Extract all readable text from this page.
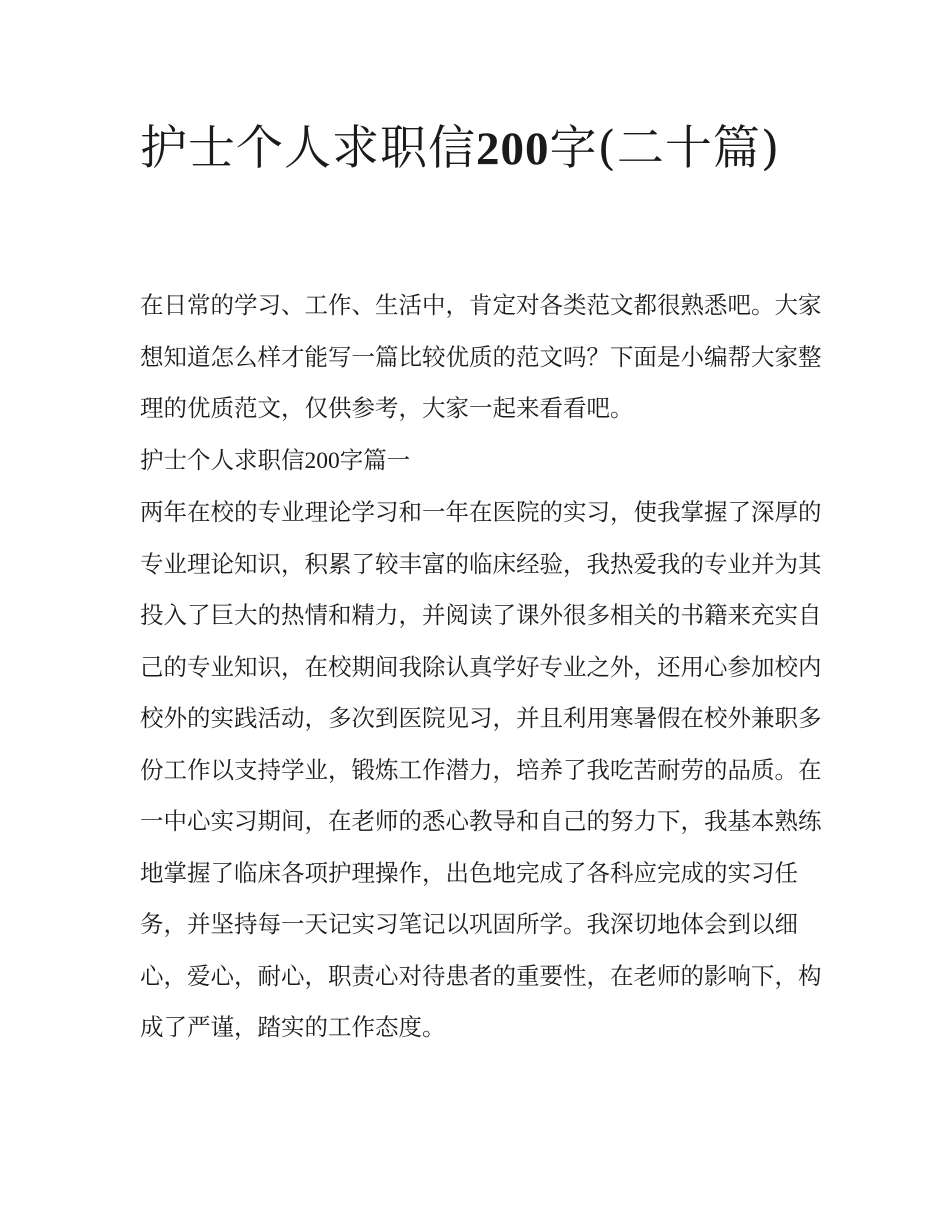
护士个人求职信200字(二十篇)

在日常的学习、工作、生活中，肯定对各类范文都很熟悉吧。大家想知道怎么样才能写一篇比较优质的范文吗？下面是小编帮大家整理的优质范文，仅供参考，大家一起来看看吧。

护士个人求职信200字篇一

两年在校的专业理论学习和一年在医院的实习，使我掌握了深厚的专业理论知识，积累了较丰富的临床经验，我热爱我的专业并为其投入了巨大的热情和精力，并阅读了课外很多相关的书籍来充实自己的专业知识，在校期间我除认真学好专业之外，还用心参加校内校外的实践活动，多次到医院见习，并且利用寒暑假在校外兼职多份工作以支持学业，锻炼工作潜力，培养了我吃苦耐劳的品质。在一中心实习期间，在老师的悉心教导和自己的努力下，我基本熟练地掌握了临床各项护理操作，出色地完成了各科应完成的实习任务，并坚持每一天记实习笔记以巩固所学。我深切地体会到以细心，爱心，耐心，职责心对待患者的重要性，在老师的影响下，构成了严谨，踏实的工作态度。
